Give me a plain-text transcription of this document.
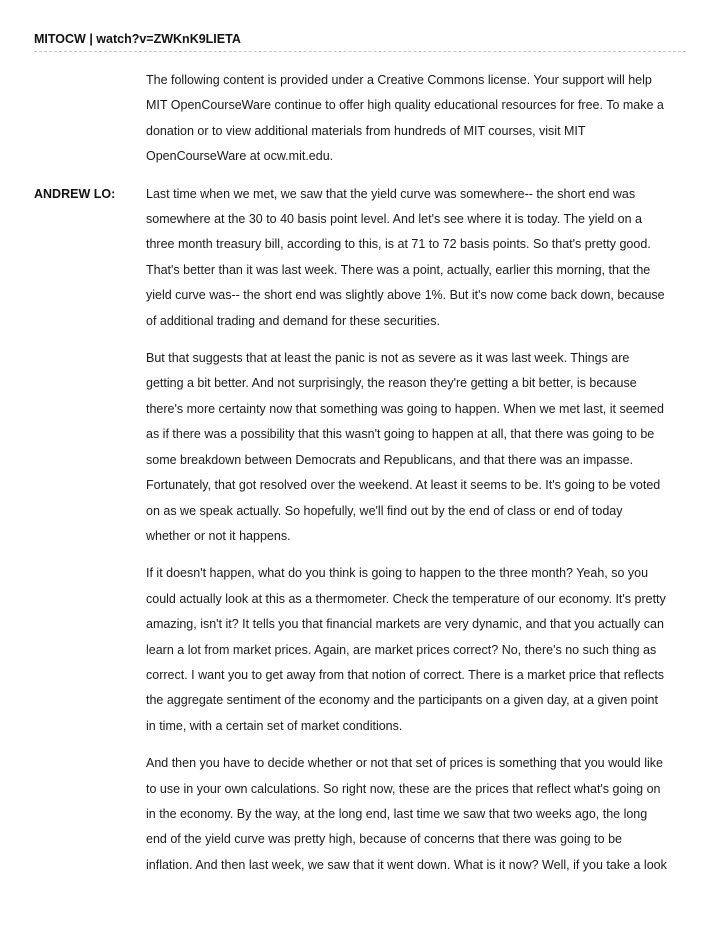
MITOCW | watch?v=ZWKnK9LIETA

The following content is provided under a Creative Commons license. Your support will help
MIT OpenCourseWare continue to offer high quality educational resources for free. To make a
donation or to view additional materials from hundreds of MIT courses, visit MIT
OpenCourseWare at ocw.mit.edu.
ANDREW LO:	Last time when we met, we saw that the yield curve was somewhere-- the short end was
somewhere at the 30 to 40 basis point level. And let's see where it is today. The yield on a
three month treasury bill, according to this, is at 71 to 72 basis points. So that's pretty good.
That's better than it was last week. There was a point, actually, earlier this morning, that the
yield curve was-- the short end was slightly above 1%. But it's now come back down, because
of additional trading and demand for these securities.
But that suggests that at least the panic is not as severe as it was last week. Things are
getting a bit better. And not surprisingly, the reason they're getting a bit better, is because
there's more certainty now that something was going to happen. When we met last, it seemed
as if there was a possibility that this wasn't going to happen at all, that there was going to be
some breakdown between Democrats and Republicans, and that there was an impasse.
Fortunately, that got resolved over the weekend. At least it seems to be. It's going to be voted
on as we speak actually. So hopefully, we'll find out by the end of class or end of today
whether or not it happens.
If it doesn't happen, what do you think is going to happen to the three month? Yeah, so you
could actually look at this as a thermometer. Check the temperature of our economy. It's pretty
amazing, isn't it? It tells you that financial markets are very dynamic, and that you actually can
learn a lot from market prices. Again, are market prices correct? No, there's no such thing as
correct. I want you to get away from that notion of correct. There is a market price that reflects
the aggregate sentiment of the economy and the participants on a given day, at a given point
in time, with a certain set of market conditions.
And then you have to decide whether or not that set of prices is something that you would like
to use in your own calculations. So right now, these are the prices that reflect what's going on
in the economy. By the way, at the long end, last time we saw that two weeks ago, the long
end of the yield curve was pretty high, because of concerns that there was going to be
inflation. And then last week, we saw that it went down. What is it now? Well, if you take a look
